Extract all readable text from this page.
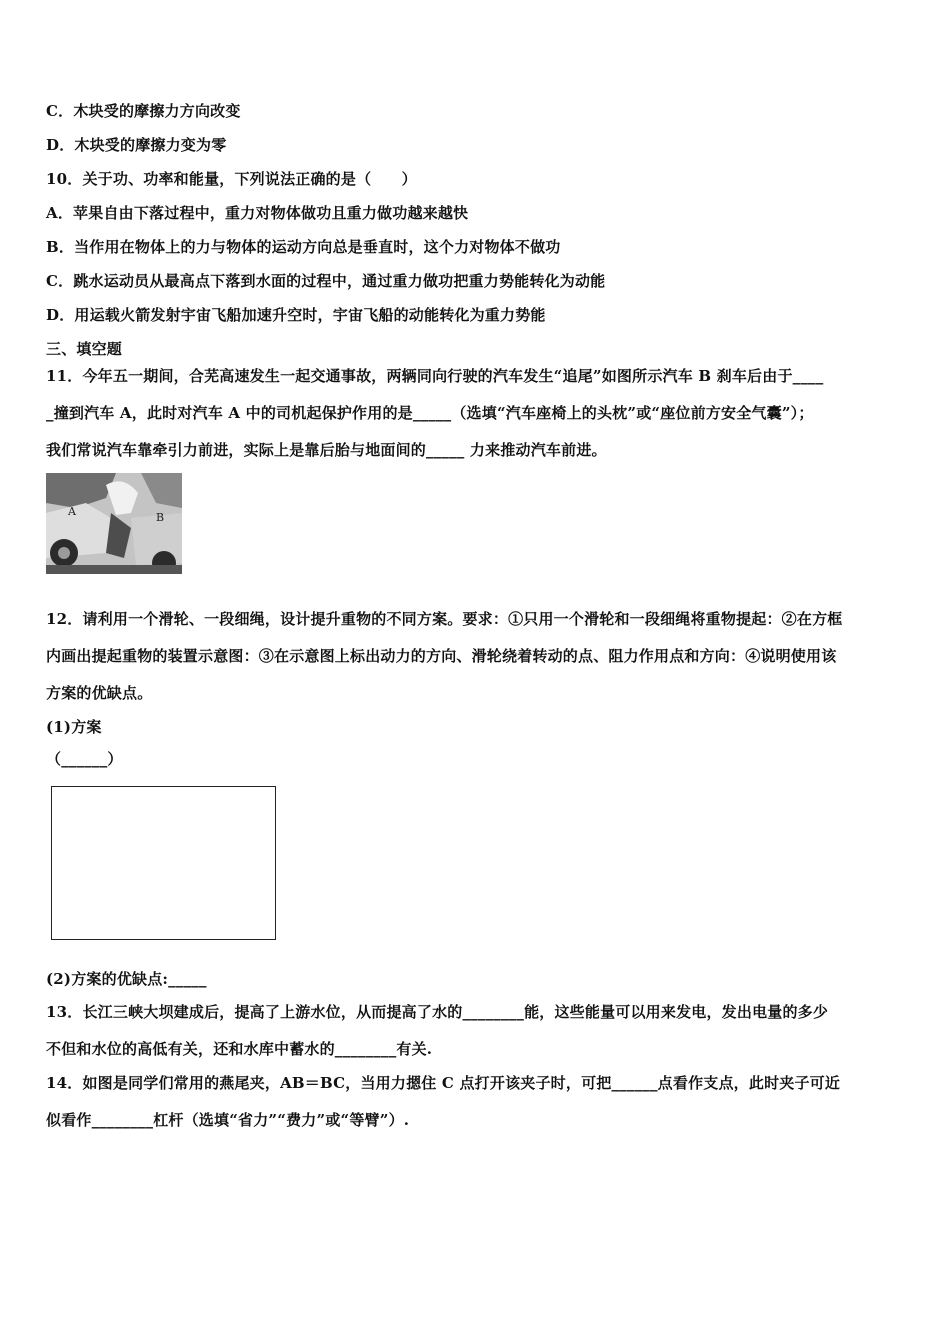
C．木块受的摩擦力方向改变
D．木块受的摩擦力变为零
10．关于功、功率和能量，下列说法正确的是（　　）
A．苹果自由下落过程中，重力对物体做功且重力做功越来越快
B．当作用在物体上的力与物体的运动方向总是垂直时，这个力对物体不做功
C．跳水运动员从最高点下落到水面的过程中，通过重力做功把重力势能转化为动能
D．用运载火箭发射宇宙飞船加速升空时，宇宙飞船的动能转化为重力势能
三、填空题
11．今年五一期间，合芜高速发生一起交通事故，两辆同向行驶的汽车发生“追尾”如图所示汽车 B 刹车后由于____
_撞到汽车 A，此时对汽车 A 中的司机起保护作用的是_____（选填“汽车座椅上的头枕”或“座位前方安全气囊”）；
我们常说汽车靠牵引力前进，实际上是靠后胎与地面间的_____ 力来推动汽车前进。
A	B
12．请利用一个滑轮、一段细绳，设计提升重物的不同方案。要求：①只用一个滑轮和一段细绳将重物提起：②在方框
内画出提起重物的装置示意图：③在示意图上标出动力的方向、滑轮绕着转动的点、阻力作用点和方向：④说明使用该
方案的优缺点。
(1)方案
（______）
(2)方案的优缺点:_____
13．长江三峡大坝建成后，提高了上游水位，从而提高了水的________能，这些能量可以用来发电，发出电量的多少
不但和水位的高低有关，还和水库中蓄水的________有关.
14．如图是同学们常用的燕尾夹，AB＝BC，当用力摁住 C 点打开该夹子时，可把______点看作支点，此时夹子可近
似看作________杠杆（选填“省力”“费力”或“等臂”）.
